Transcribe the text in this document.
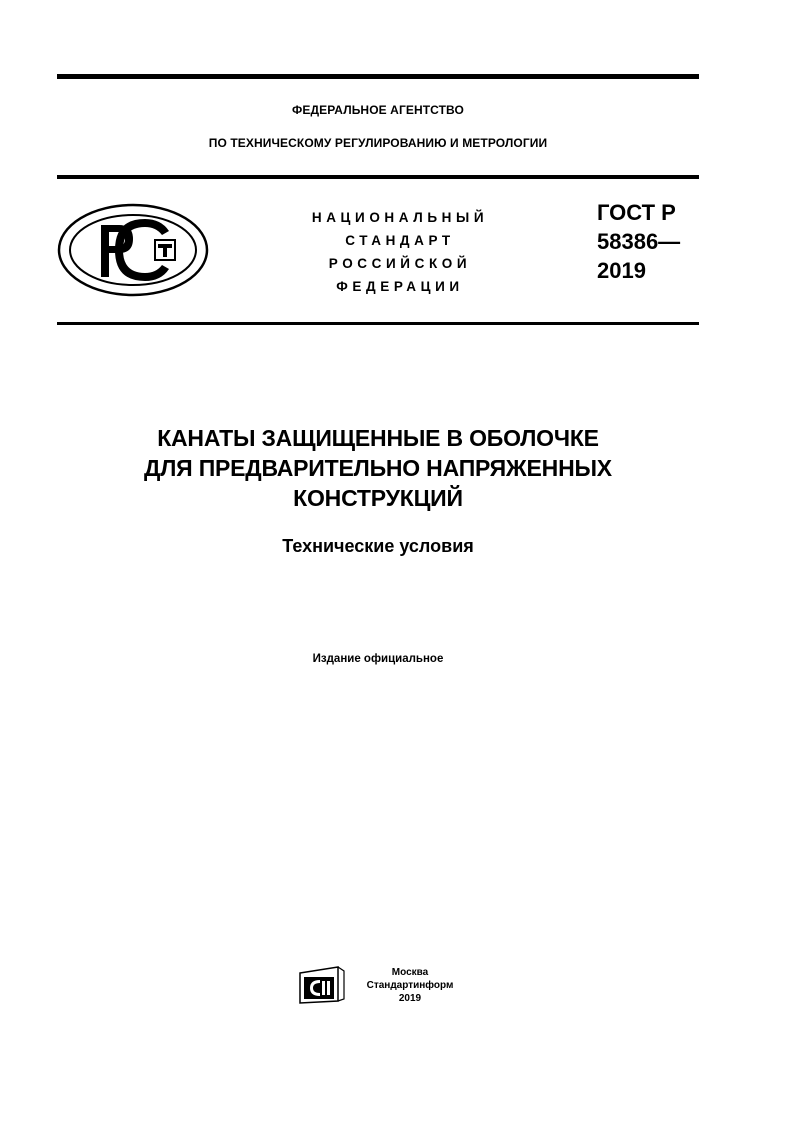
ФЕДЕРАЛЬНОЕ АГЕНТСТВО
ПО ТЕХНИЧЕСКОМУ РЕГУЛИРОВАНИЮ И МЕТРОЛОГИИ
НАЦИОНАЛЬНЫЙ
СТАНДАРТ
РОССИЙСКОЙ
ФЕДЕРАЦИИ
ГОСТ Р
58386—
2019
КАНАТЫ ЗАЩИЩЕННЫЕ В ОБОЛОЧКЕ
ДЛЯ ПРЕДВАРИТЕЛЬНО НАПРЯЖЕННЫХ
КОНСТРУКЦИЙ
Технические условия
Издание официальное
Москва
Стандартинформ
2019
